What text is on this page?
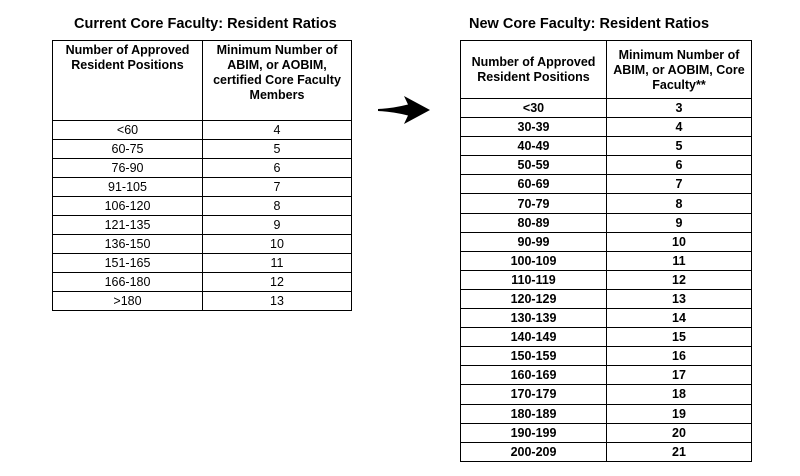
Current Core Faculty: Resident Ratios	New Core Faculty: Resident Ratios
Number of Approved Resident Positions	Minimum Number of ABIM, or AOBIM, certified Core Faculty Members
<60	4
60-75	5
76-90	6
91-105	7
106-120	8
121-135	9
136-150	10
151-165	11
166-180	12
>180	13
Number of Approved Resident Positions	Minimum Number of ABIM, or AOBIM, Core Faculty**
<30	3
30-39	4
40-49	5
50-59	6
60-69	7
70-79	8
80-89	9
90-99	10
100-109	11
110-119	12
120-129	13
130-139	14
140-149	15
150-159	16
160-169	17
170-179	18
180-189	19
190-199	20
200-209	21
